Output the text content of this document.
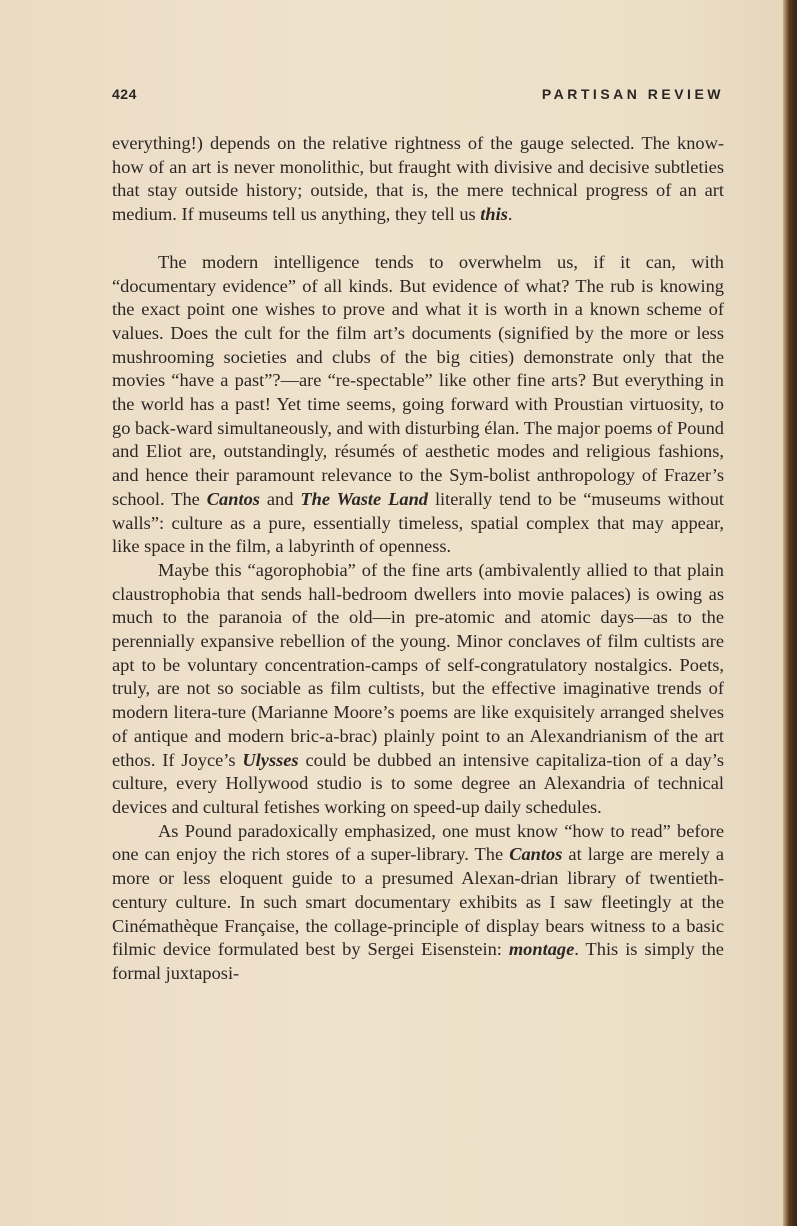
424	PARTISAN REVIEW

everything!) depends on the relative rightness of the gauge selected. The know-how of an art is never monolithic, but fraught with divisive and decisive subtleties that stay outside history; outside, that is, the mere technical progress of an art medium. If museums tell us anything, they tell us this.

The modern intelligence tends to overwhelm us, if it can, with “documentary evidence” of all kinds. But evidence of what? The rub is knowing the exact point one wishes to prove and what it is worth in a known scheme of values. Does the cult for the film art’s documents (signified by the more or less mushrooming societies and clubs of the big cities) demonstrate only that the movies “have a past”?—are “re-spectable” like other fine arts? But everything in the world has a past! Yet time seems, going forward with Proustian virtuosity, to go back-ward simultaneously, and with disturbing élan. The major poems of Pound and Eliot are, outstandingly, résumés of aesthetic modes and religious fashions, and hence their paramount relevance to the Sym-bolist anthropology of Frazer’s school. The Cantos and The Waste Land literally tend to be “museums without walls”: culture as a pure, essentially timeless, spatial complex that may appear, like space in the film, a labyrinth of openness.

Maybe this “agorophobia” of the fine arts (ambivalently allied to that plain claustrophobia that sends hall-bedroom dwellers into movie palaces) is owing as much to the paranoia of the old—in pre-atomic and atomic days—as to the perennially expansive rebellion of the young. Minor conclaves of film cultists are apt to be voluntary concentration-camps of self-congratulatory nostalgics. Poets, truly, are not so sociable as film cultists, but the effective imaginative trends of modern litera-ture (Marianne Moore’s poems are like exquisitely arranged shelves of antique and modern bric-a-brac) plainly point to an Alexandrianism of the art ethos. If Joyce’s Ulysses could be dubbed an intensive capitaliza-tion of a day’s culture, every Hollywood studio is to some degree an Alexandria of technical devices and cultural fetishes working on speed-up daily schedules.

As Pound paradoxically emphasized, one must know “how to read” before one can enjoy the rich stores of a super-library. The Cantos at large are merely a more or less eloquent guide to a presumed Alexan-drian library of twentieth-century culture. In such smart documentary exhibits as I saw fleetingly at the Cinémathèque Française, the collage-principle of display bears witness to a basic filmic device formulated best by Sergei Eisenstein: montage. This is simply the formal juxtaposi-
